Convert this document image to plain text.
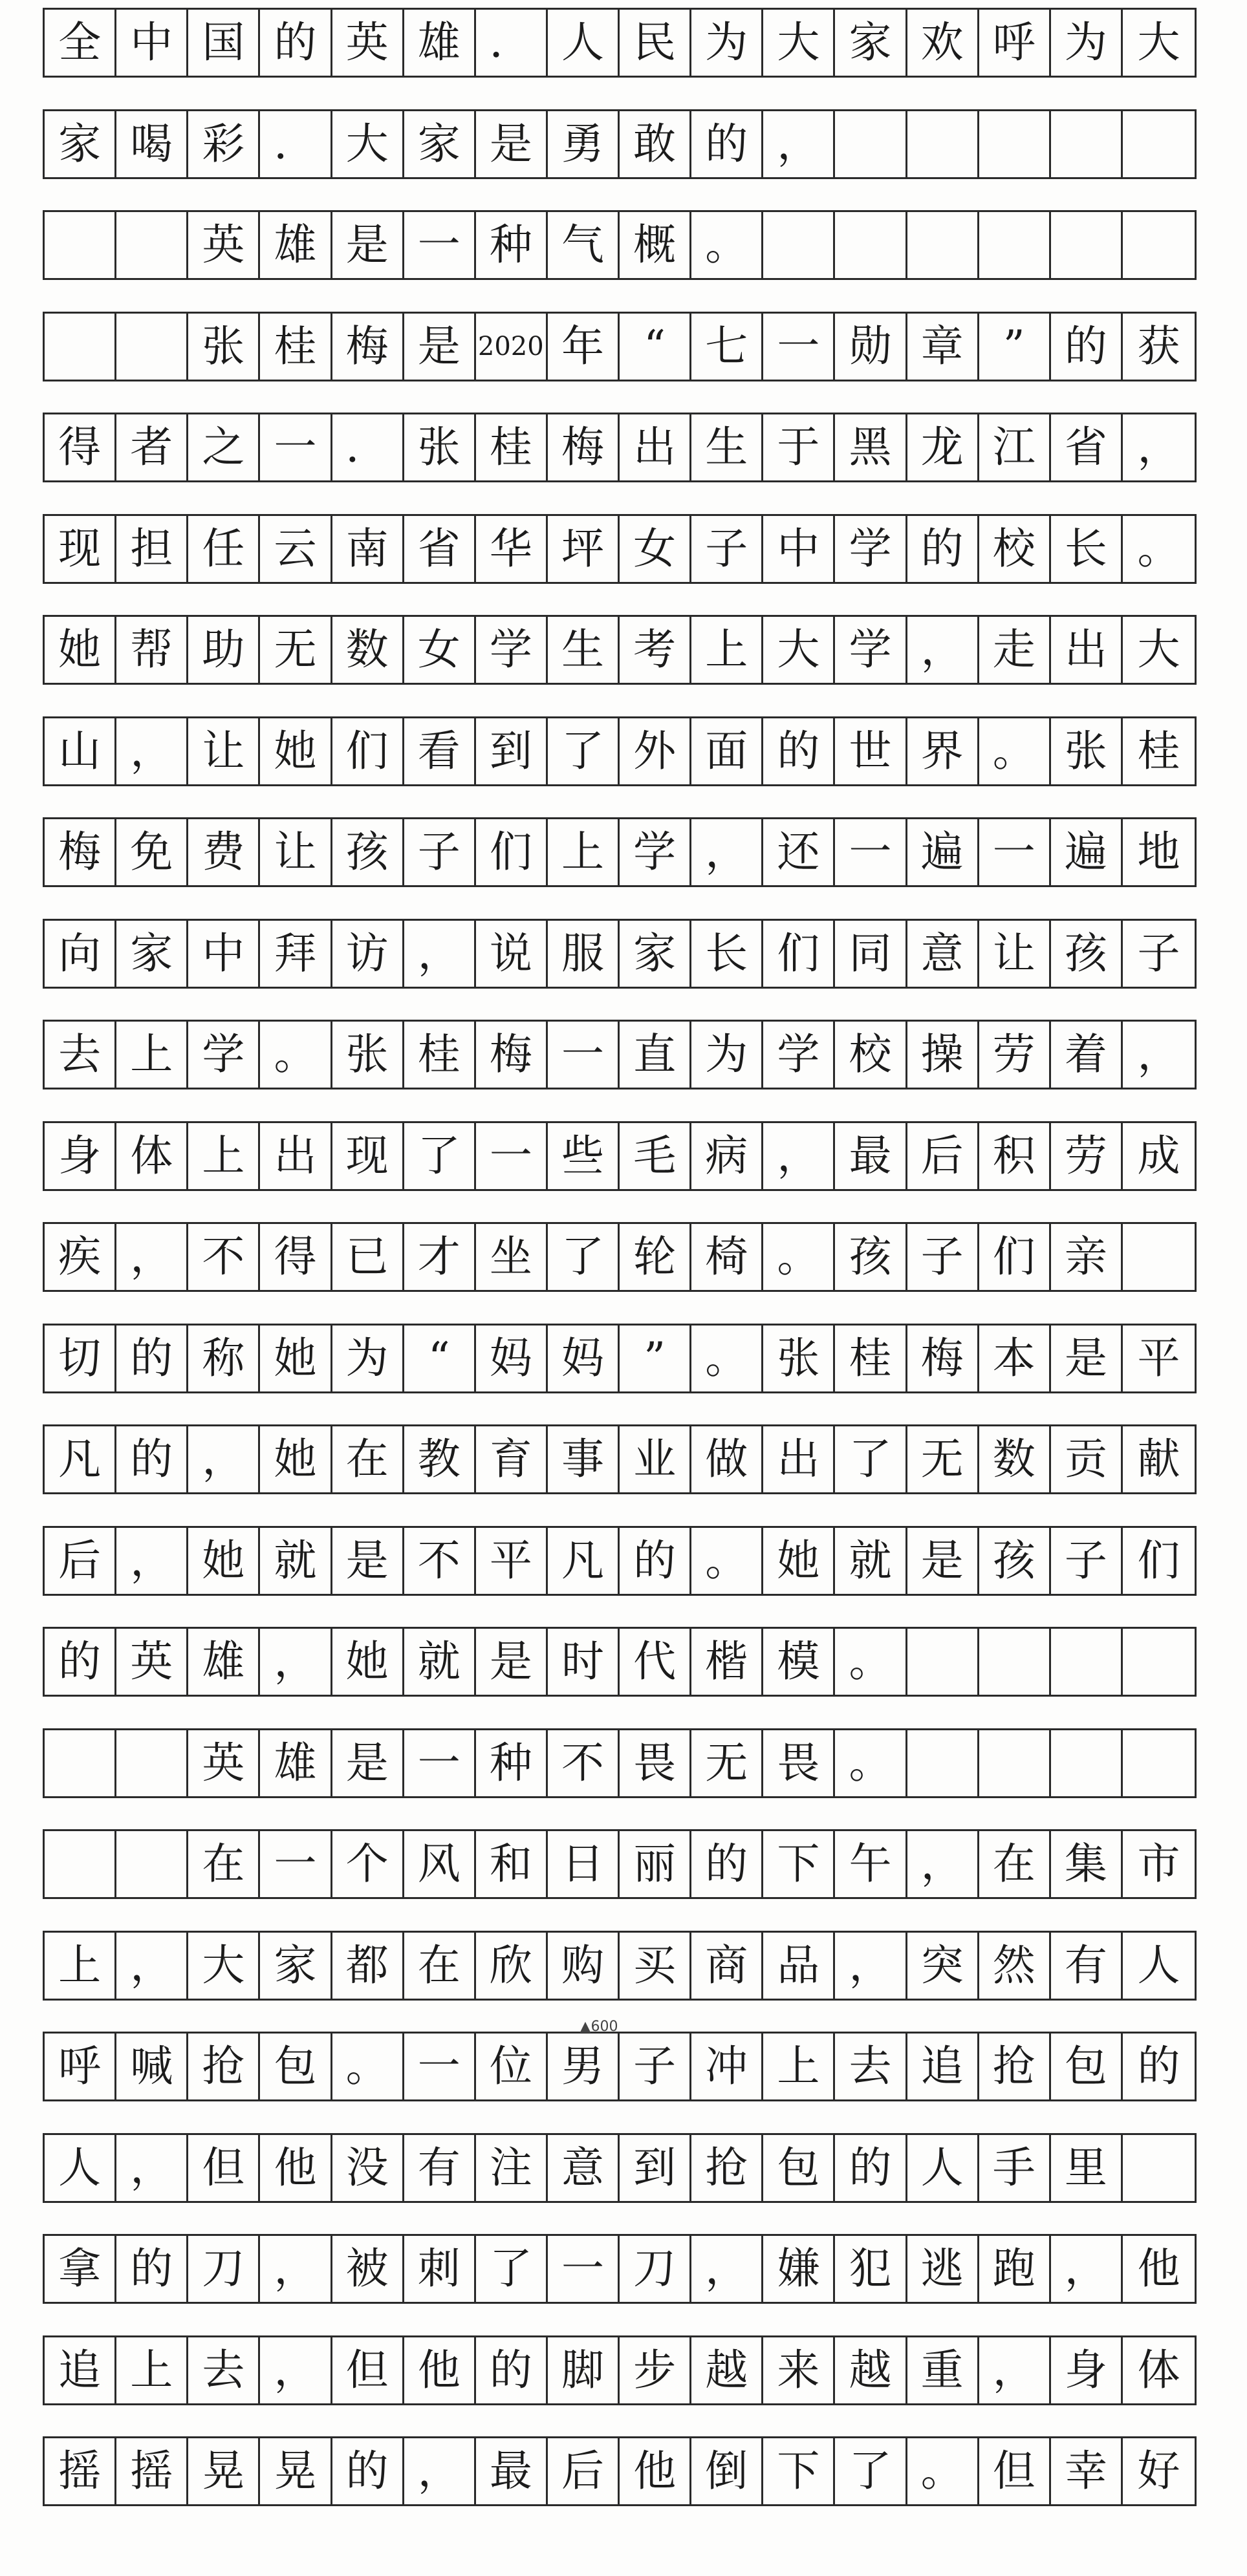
全 中 国 的 英 雄 ． 人 民 为 大 家 欢 呼 为 大
家 喝 彩 ． 大 家 是 勇 敢 的 ，
英 雄 是 一 种 气 概 。
张 桂 梅 是 2020 年 “ 七 一 勋 章 ” 的 获
得 者 之 一 ． 张 桂 梅 出 生 于 黑 龙 江 省 ，
现 担 任 云 南 省 华 坪 女 子 中 学 的 校 长 。
她 帮 助 无 数 女 学 生 考 上 大 学 ， 走 出 大
山 ， 让 她 们 看 到 了 外 面 的 世 界 。 张 桂
梅 免 费 让 孩 子 们 上 学 ， 还 一 遍 一 遍 地
向 家 中 拜 访 ， 说 服 家 长 们 同 意 让 孩 子
去 上 学 。 张 桂 梅 一 直 为 学 校 操 劳 着 ，
身 体 上 出 现 了 一 些 毛 病 ， 最 后 积 劳 成
疾 ， 不 得 已 才 坐 了 轮 椅 。 孩 子 们 亲
切 的 称 她 为 “ 妈 妈 ” 。 张 桂 梅 本 是 平
凡 的 ， 她 在 教 育 事 业 做 出 了 无 数 贡 献
后 ， 她 就 是 不 平 凡 的 。 她 就 是 孩 子 们
的 英 雄 ， 她 就 是 时 代 楷 模 。
英 雄 是 一 种 不 畏 无 畏 。
在 一 个 风 和 日 丽 的 下 午 ， 在 集 市
上 ， 大 家 都 在 欣 购 买 商 品 ， 突 然 有 人
呼 喊 抢 包 。 一 位 男 子 冲 上 去 追 抢 包 的
人 ， 但 他 没 有 注 意 到 抢 包 的 人 手 里
拿 的 刀 ， 被 刺 了 一 刀 ， 嫌 犯 逃 跑 ， 他
追 上 去 ， 但 他 的 脚 步 越 来 越 重 ， 身 体
摇 摇 晃 晃 的 ， 最 后 他 倒 下 了 。 但 幸 好
▲600
